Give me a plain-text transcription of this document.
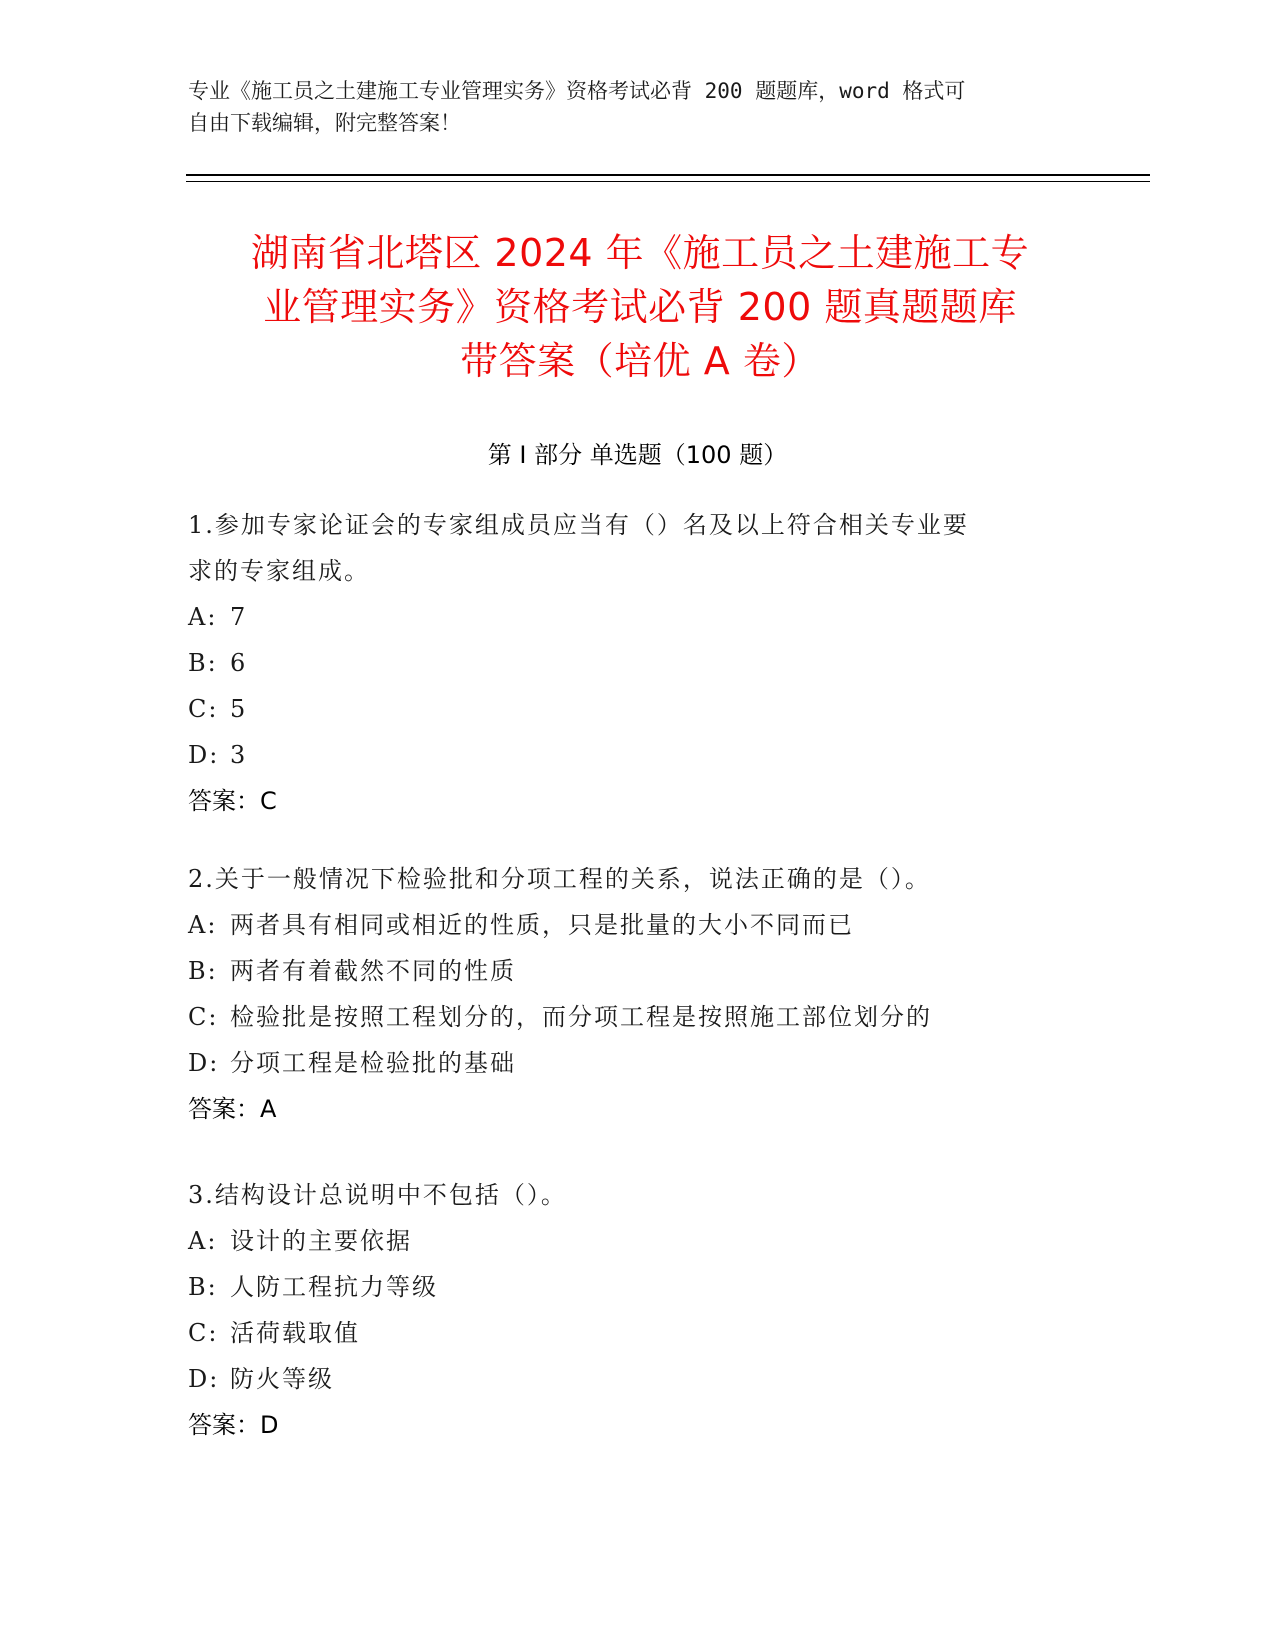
专业《施工员之土建施工专业管理实务》资格考试必背 200 题题库，word 格式可
自由下载编辑，附完整答案！
湖南省北塔区 2024 年《施工员之土建施工专
业管理实务》资格考试必背 200 题真题题库
带答案（培优 A 卷）
第 I 部分 单选题（100 题）
1.参加专家论证会的专家组成员应当有（）名及以上符合相关专业要
求的专家组成。
A: 7
B: 6
C: 5
D: 3
答案：C
2.关于一般情况下检验批和分项工程的关系，说法正确的是（）。
A: 两者具有相同或相近的性质，只是批量的大小不同而已
B: 两者有着截然不同的性质
C: 检验批是按照工程划分的，而分项工程是按照施工部位划分的
D: 分项工程是检验批的基础
答案：A
3.结构设计总说明中不包括（）。
A: 设计的主要依据
B: 人防工程抗力等级
C: 活荷载取值
D: 防火等级
答案：D
